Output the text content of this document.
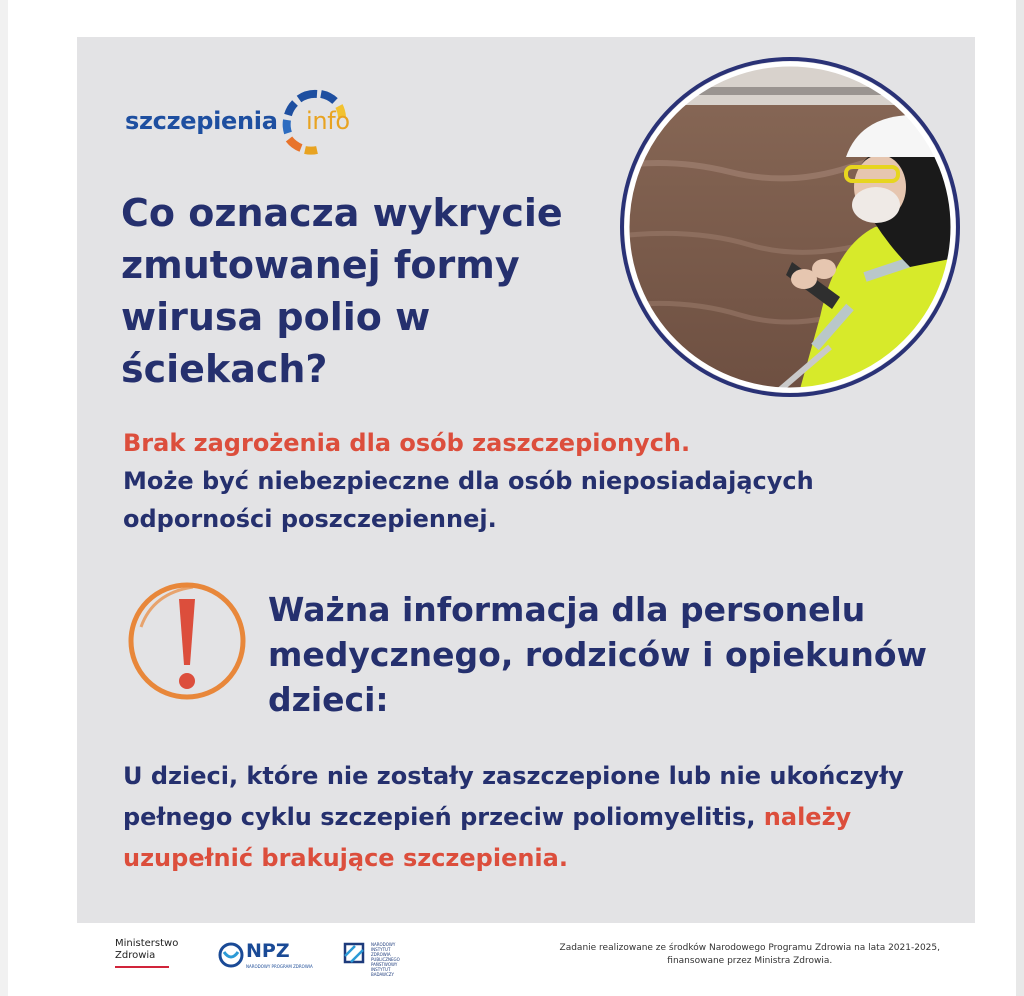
szczepienia info
Co oznacza wykrycie zmutowanej formy wirusa polio w ściekach?
Brak zagrożenia dla osób zaszczepionych.
Może być niebezpieczne dla osób nieposiadających odporności poszczepiennej.
Ważna informacja dla personelu medycznego, rodziców i opiekunów dzieci:
U dzieci, które nie zostały zaszczepione lub nie ukończyły pełnego cyklu szczepień przeciw poliomyelitis, należy uzupełnić brakujące szczepienia.
Ministerstwo
Zdrowia	NPZ
NARODOWY PROGRAM ZDROWIA
NARODOWY INSTYTUT ZDROWIA PUBLICZNEGO PAŃSTWOWY INSTYTUT BADAWCZY
Zadanie realizowane ze środków Narodowego Programu Zdrowia na lata 2021-2025,
finansowane przez Ministra Zdrowia.
